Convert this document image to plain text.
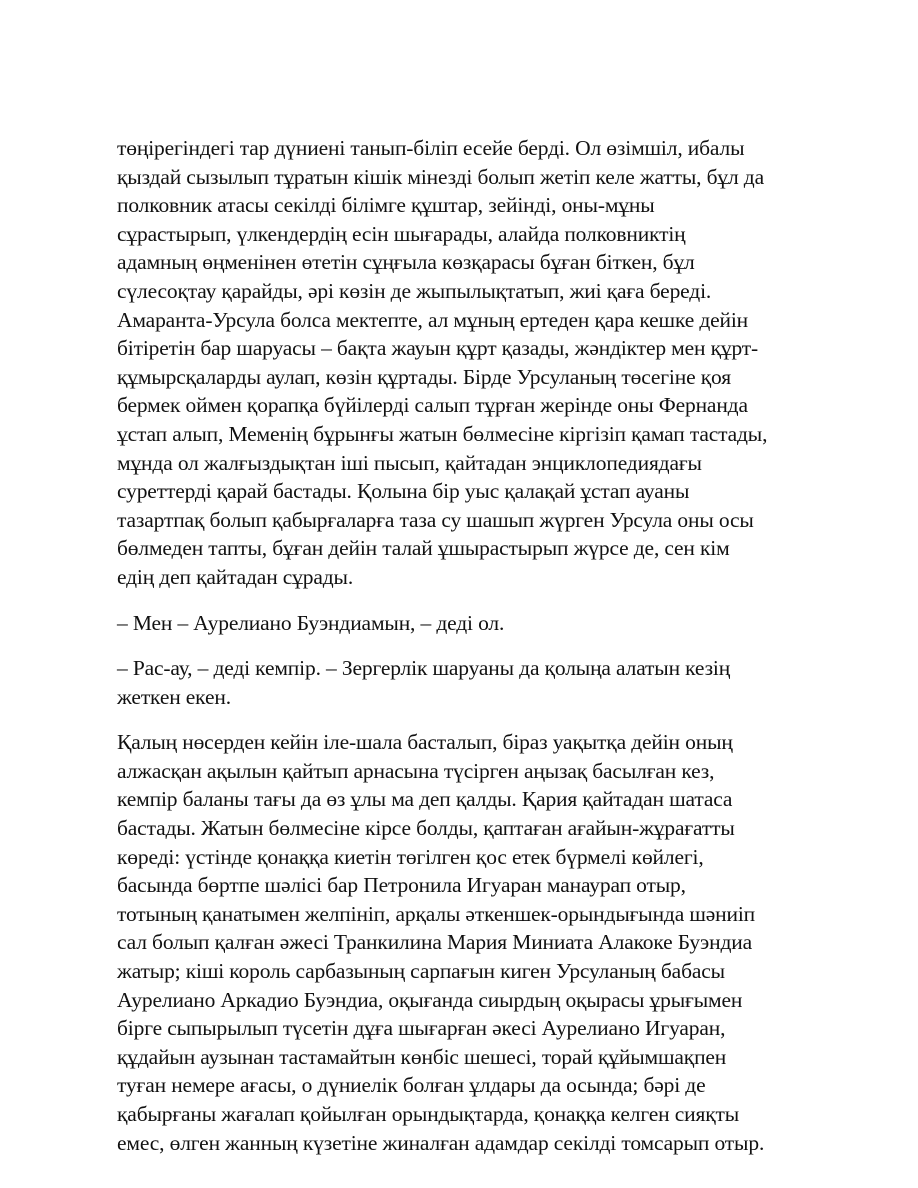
төңірегіндегі тар дүниені танып-біліп есейе берді. Ол өзімшіл, ибалы
қыздай сызылып тұратын кішік мінезді болып жетіп келе жатты, бұл да
полковник атасы секілді білімге құштар, зейінді, оны-мұны
сұрастырып, үлкендердің есін шығарады, алайда полковниктің
адамның өңменінен өтетін сұңғыла көзқарасы бұған біткен, бұл
сүлесоқтау қарайды, әрі көзін де жыпылықтатып, жиі қаға береді.
Амаранта-Урсула болса мектепте, ал мұның ертеден қара кешке дейін
бітіретін бар шаруасы – бақта жауын құрт қазады, жәндіктер мен құрт-
құмырсқаларды аулап, көзін құртады. Бірде Урсуланың төсегіне қоя
бермек оймен қорапқа бүйілерді салып тұрған жерінде оны Фернанда
ұстап алып, Меменің бұрынғы жатын бөлмесіне кіргізіп қамап тастады,
мұнда ол жалғыздықтан іші пысып, қайтадан энциклопедиядағы
суреттерді қарай бастады. Қолына бір уыс қалақай ұстап ауаны
тазартпақ болып қабырғаларға таза су шашып жүрген Урсула оны осы
бөлмеден тапты, бұған дейін талай ұшырастырып жүрсе де, сен кім
едің деп қайтадан сұрады.

– Мен – Аурелиано Буэндиамын, – деді ол.

– Рас-ау, – деді кемпір. – Зергерлік шаруаны да қолыңа алатын кезің
жеткен екен.

Қалың нөсерден кейін іле-шала басталып, біраз уақытқа дейін оның
алжасқан ақылын қайтып арнасына түсірген аңызақ басылған кез,
кемпір баланы тағы да өз ұлы ма деп қалды. Қария қайтадан шатаса
бастады. Жатын бөлмесіне кірсе болды, қаптаған ағайын-жұрағатты
көреді: үстінде қонаққа киетін төгілген қос етек бүрмелі көйлегі,
басында бөртпе шәлісі бар Петронила Игуаран манаурап отыр,
тотының қанатымен желпініп, арқалы әткеншек-орындығында шәниіп
сал болып қалған әжесі Транкилина Мария Миниата Алакоке Буэндиа
жатыр; кіші король сарбазының сарпағын киген Урсуланың бабасы
Аурелиано Аркадио Буэндиа, оқығанда сиырдың оқырасы ұрығымен
бірге сыпырылып түсетін дұға шығарған әкесі Аурелиано Игуаран,
құдайын аузынан тастамайтын көнбіс шешесі, торай құйымшақпен
туған немере ағасы, о дүниелік болған ұлдары да осында; бәрі де
қабырғаны жағалап қойылған орындықтарда, қонаққа келген сияқты
емес, өлген жанның күзетіне жиналған адамдар секілді томсарып отыр.
